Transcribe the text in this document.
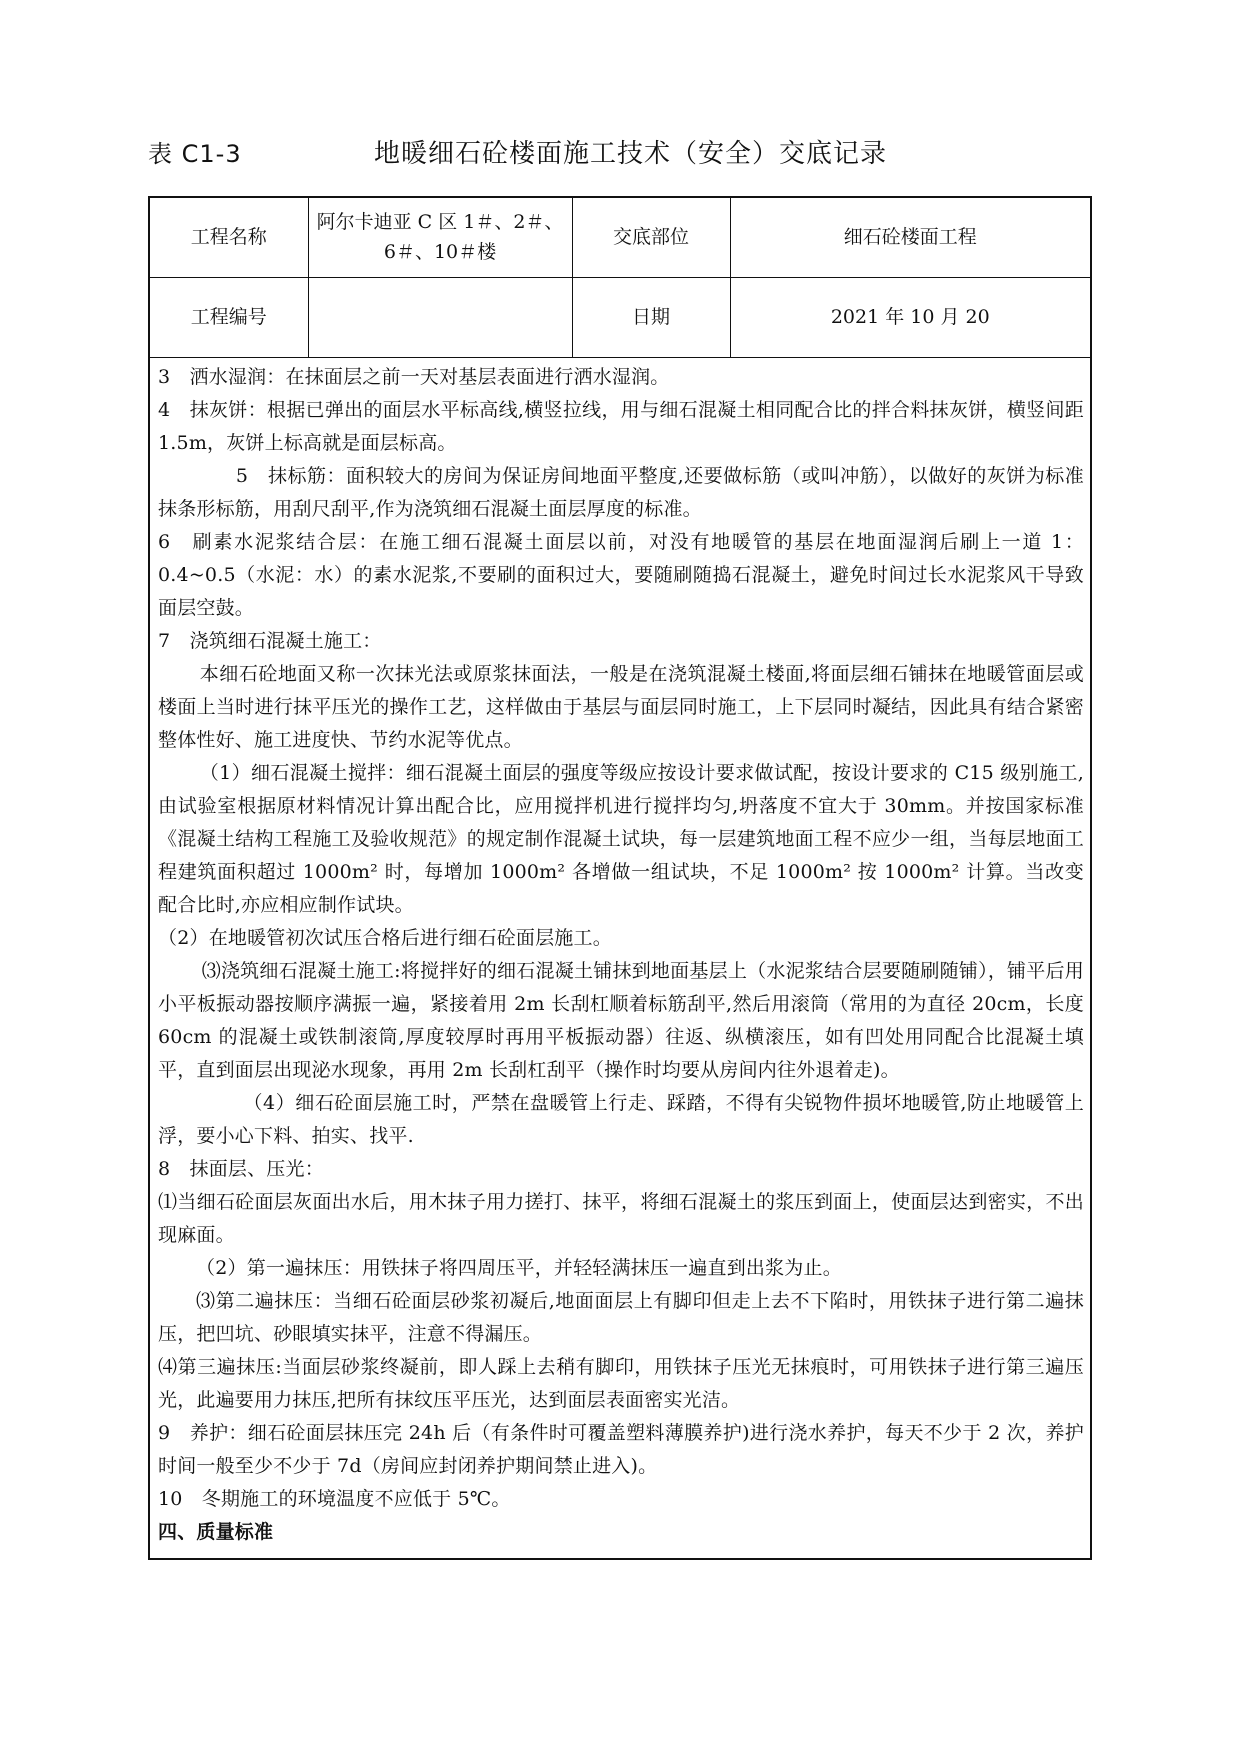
表 C1-3	地暖细石砼楼面施工技术（安全）交底记录
工程名称	阿尔卡迪亚 C 区 1＃、2＃、6＃、10＃楼	交底部位	细石砼楼面工程
工程编号		日期	2021 年 10 月 20

3　洒水湿润：在抹面层之前一天对基层表面进行洒水湿润。

4　抹灰饼：根据已弹出的面层水平标高线,横竖拉线，用与细石混凝土相同配合比的拌合料抹灰饼，横竖间距 1.5m，灰饼上标高就是面层标高。

5　抹标筋：面积较大的房间为保证房间地面平整度,还要做标筋（或叫冲筋），以做好的灰饼为标准抹条形标筋，用刮尺刮平,作为浇筑细石混凝土面层厚度的标准。

6　刷素水泥浆结合层：在施工细石混凝土面层以前，对没有地暖管的基层在地面湿润后刷上一道 1：0.4~0.5（水泥：水）的素水泥浆,不要刷的面积过大，要随刷随捣石混凝土，避免时间过长水泥浆风干导致面层空鼓。

7　浇筑细石混凝土施工：

本细石砼地面又称一次抹光法或原浆抹面法，一般是在浇筑混凝土楼面,将面层细石铺抹在地暖管面层或楼面上当时进行抹平压光的操作工艺，这样做由于基层与面层同时施工，上下层同时凝结，因此具有结合紧密整体性好、施工进度快、节约水泥等优点。

（1）细石混凝土搅拌：细石混凝土面层的强度等级应按设计要求做试配，按设计要求的 C15 级别施工,由试验室根据原材料情况计算出配合比，应用搅拌机进行搅拌均匀,坍落度不宜大于 30mm。并按国家标准《混凝土结构工程施工及验收规范》的规定制作混凝土试块，每一层建筑地面工程不应少一组，当每层地面工程建筑面积超过 1000m² 时，每增加 1000m² 各增做一组试块，不足 1000m² 按 1000m² 计算。当改变配合比时,亦应相应制作试块。

（2）在地暖管初次试压合格后进行细石砼面层施工。

⑶浇筑细石混凝土施工:将搅拌好的细石混凝土铺抹到地面基层上（水泥浆结合层要随刷随铺），铺平后用小平板振动器按顺序满振一遍，紧接着用 2m 长刮杠顺着标筋刮平,然后用滚筒（常用的为直径 20cm，长度 60cm 的混凝土或铁制滚筒,厚度较厚时再用平板振动器）往返、纵横滚压，如有凹处用同配合比混凝土填平，直到面层出现泌水现象，再用 2m 长刮杠刮平（操作时均要从房间内往外退着走)。

（4）细石砼面层施工时，严禁在盘暖管上行走、踩踏，不得有尖锐物件损坏地暖管,防止地暖管上浮，要小心下料、拍实、找平.

8　抹面层、压光：

⑴当细石砼面层灰面出水后，用木抹子用力搓打、抹平，将细石混凝土的浆压到面上，使面层达到密实，不出现麻面。

（2）第一遍抹压：用铁抹子将四周压平，并轻轻满抹压一遍直到出浆为止。

⑶第二遍抹压：当细石砼面层砂浆初凝后,地面面层上有脚印但走上去不下陷时，用铁抹子进行第二遍抹压，把凹坑、砂眼填实抹平，注意不得漏压。

⑷第三遍抹压:当面层砂浆终凝前，即人踩上去稍有脚印，用铁抹子压光无抹痕时，可用铁抹子进行第三遍压光，此遍要用力抹压,把所有抹纹压平压光，达到面层表面密实光洁。

9　养护：细石砼面层抹压完 24h 后（有条件时可覆盖塑料薄膜养护)进行浇水养护，每天不少于 2 次，养护时间一般至少不少于 7d（房间应封闭养护期间禁止进入)。

10　冬期施工的环境温度不应低于 5℃。

四、质量标准
